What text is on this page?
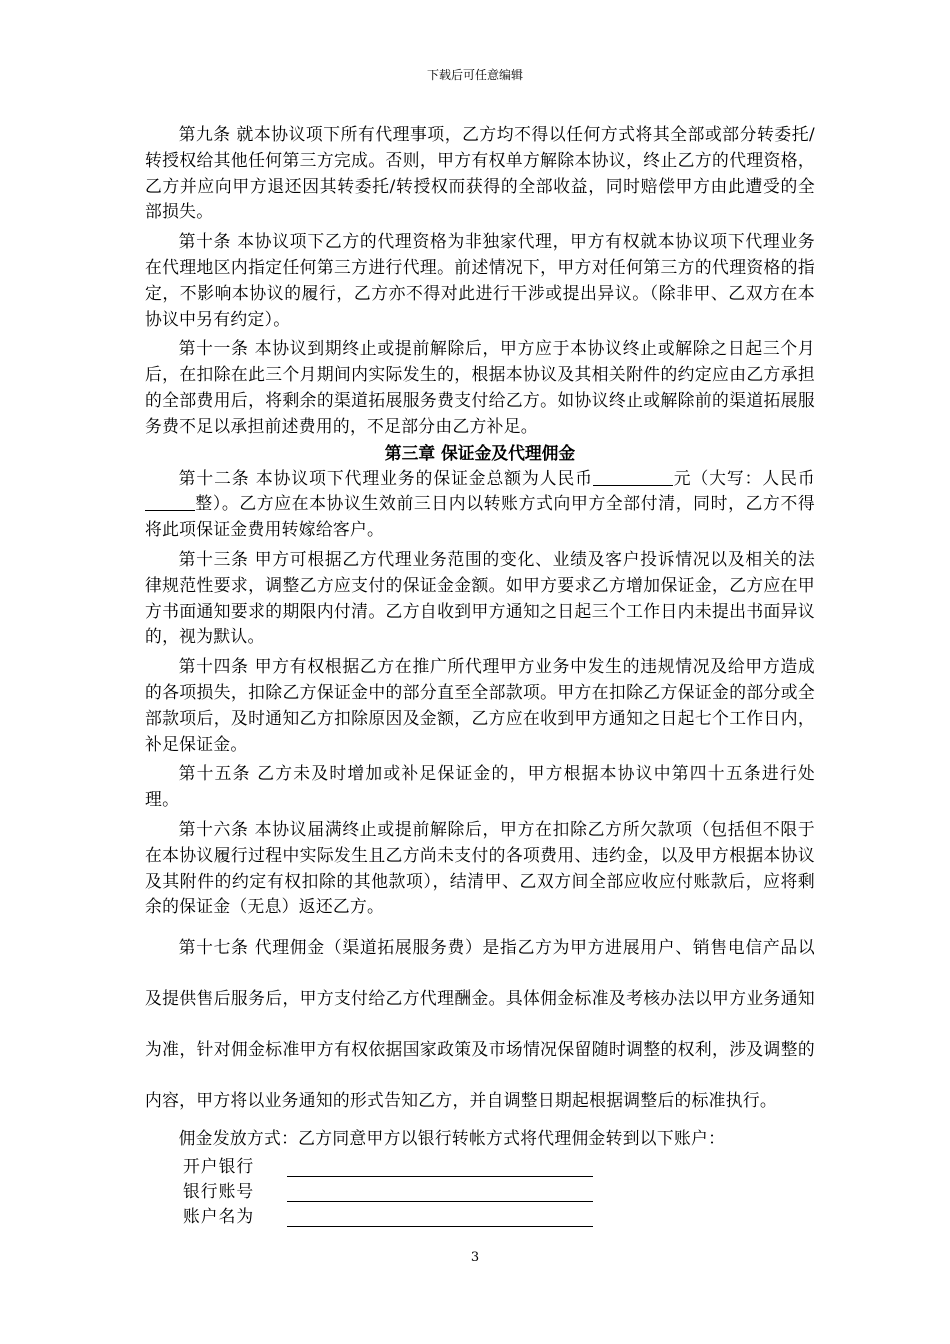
下载后可任意编辑

第九条 就本协议项下所有代理事项，乙方均不得以任何方式将其全部或部分转委托/转授权给其他任何第三方完成。否则，甲方有权单方解除本协议，终止乙方的代理资格，乙方并应向甲方退还因其转委托/转授权而获得的全部收益，同时赔偿甲方由此遭受的全部损失。

第十条 本协议项下乙方的代理资格为非独家代理，甲方有权就本协议项下代理业务在代理地区内指定任何第三方进行代理。前述情况下，甲方对任何第三方的代理资格的指定，不影响本协议的履行，乙方亦不得对此进行干涉或提出异议。（除非甲、乙双方在本协议中另有约定）。

第十一条 本协议到期终止或提前解除后，甲方应于本协议终止或解除之日起三个月后，在扣除在此三个月期间内实际发生的，根据本协议及其相关附件的约定应由乙方承担的全部费用后，将剩余的渠道拓展服务费支付给乙方。如协议终止或解除前的渠道拓展服务费不足以承担前述费用的，不足部分由乙方补足。

第三章 保证金及代理佣金

第十二条 本协议项下代理业务的保证金总额为人民币	元（大写：人民币整）。乙方应在本协议生效前三日内以转账方式向甲方全部付清，同时，乙方不得将此项保证金费用转嫁给客户。

第十三条 甲方可根据乙方代理业务范围的变化、业绩及客户投诉情况以及相关的法律规范性要求，调整乙方应支付的保证金金额。如甲方要求乙方增加保证金，乙方应在甲方书面通知要求的期限内付清。乙方自收到甲方通知之日起三个工作日内未提出书面异议的，视为默认。

第十四条 甲方有权根据乙方在推广所代理甲方业务中发生的违规情况及给甲方造成的各项损失，扣除乙方保证金中的部分直至全部款项。甲方在扣除乙方保证金的部分或全部款项后，及时通知乙方扣除原因及金额，乙方应在收到甲方通知之日起七个工作日内，补足保证金。

第十五条 乙方未及时增加或补足保证金的，甲方根据本协议中第四十五条进行处理。

第十六条 本协议届满终止或提前解除后，甲方在扣除乙方所欠款项（包括但不限于在本协议履行过程中实际发生且乙方尚未支付的各项费用、违约金，以及甲方根据本协议及其附件的约定有权扣除的其他款项），结清甲、乙双方间全部应收应付账款后，应将剩余的保证金（无息）返还乙方。

第十七条 代理佣金（渠道拓展服务费）是指乙方为甲方进展用户、销售电信产品以及提供售后服务后，甲方支付给乙方代理酬金。具体佣金标准及考核办法以甲方业务通知为准，针对佣金标准甲方有权依据国家政策及市场情况保留随时调整的权利，涉及调整的内容，甲方将以业务通知的形式告知乙方，并自调整日期起根据调整后的标准执行。

佣金发放方式：乙方同意甲方以银行转帐方式将代理佣金转到以下账户：

开户银行
银行账号
账户名为
3
